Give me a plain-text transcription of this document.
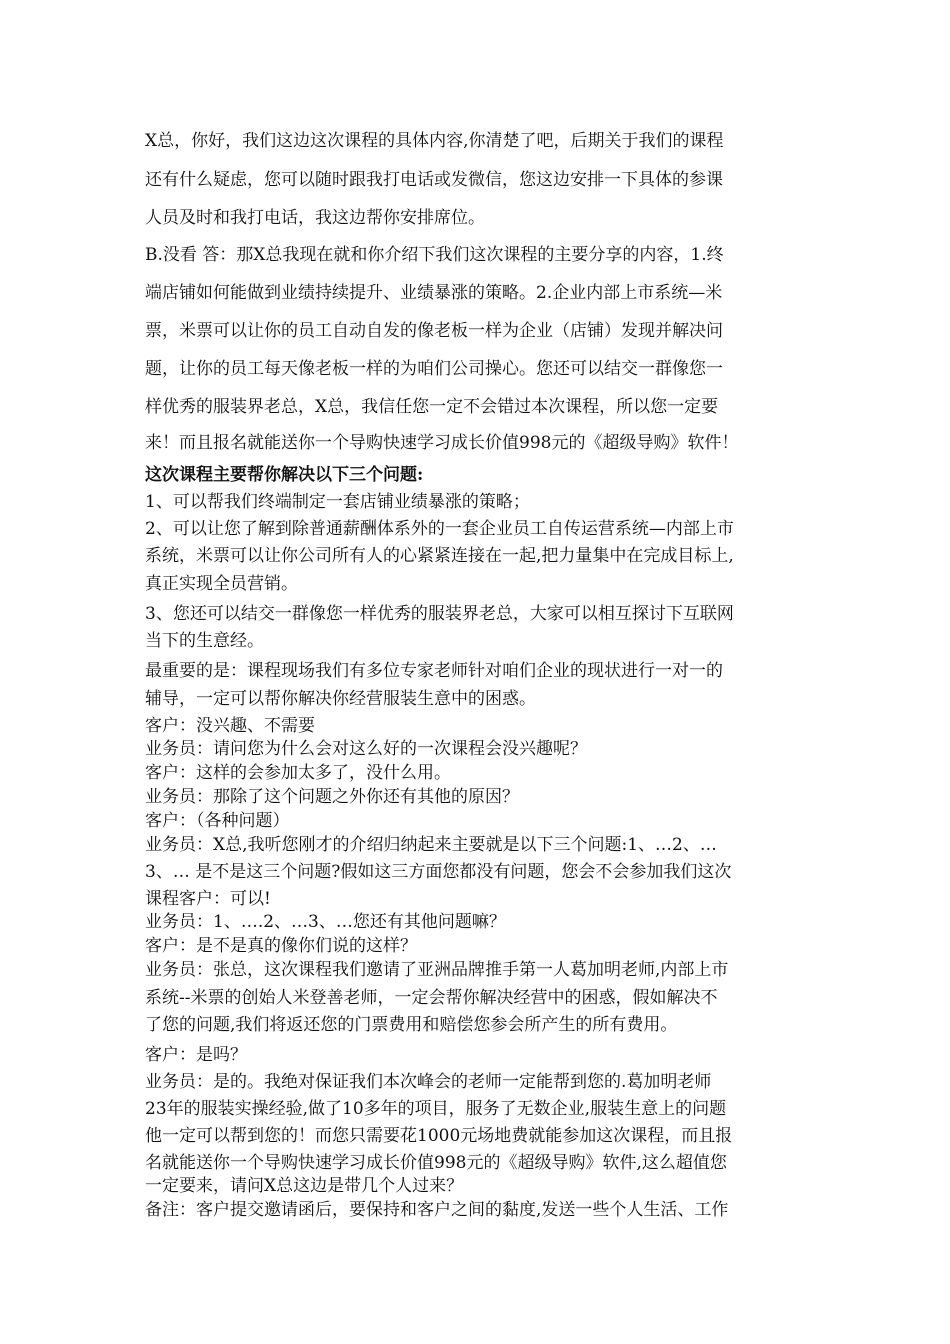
X总，你好，我们这边这次课程的具体内容,你清楚了吧，后期关于我们的课程
还有什么疑虑，您可以随时跟我打电话或发微信，您这边安排一下具体的参课
人员及时和我打电话，我这边帮你安排席位。
B.没看 答：那X总我现在就和你介绍下我们这次课程的主要分享的内容，1.终
端店铺如何能做到业绩持续提升、业绩暴涨的策略。2.企业内部上市系统—米
票，米票可以让你的员工自动自发的像老板一样为企业（店铺）发现并解决问
题，让你的员工每天像老板一样的为咱们公司操心。您还可以结交一群像您一
样优秀的服装界老总，X总，我信任您一定不会错过本次课程，所以您一定要
来！而且报名就能送你一个导购快速学习成长价值998元的《超级导购》软件！
这次课程主要帮你解决以下三个问题:
1、可以帮我们终端制定一套店铺业绩暴涨的策略；
2、可以让您了解到除普通薪酬体系外的一套企业员工自传运营系统—内部上市
系统，米票可以让你公司所有人的心紧紧连接在一起,把力量集中在完成目标上,
真正实现全员营销。
3、您还可以结交一群像您一样优秀的服装界老总，大家可以相互探讨下互联网
当下的生意经。
最重要的是：课程现场我们有多位专家老师针对咱们企业的现状进行一对一的
辅导，一定可以帮你解决你经营服装生意中的困惑。
客户：没兴趣、不需要
业务员：请问您为什么会对这么好的一次课程会没兴趣呢？
客户：这样的会参加太多了，没什么用。
业务员：那除了这个问题之外你还有其他的原因？
客户：（各种问题）
业务员：X总,我听您刚才的介绍归纳起来主要就是以下三个问题:1、…2、…
3、… 是不是这三个问题?假如这三方面您都没有问题，您会不会参加我们这次
课程客户：可以!
业务员：1、….2、…3、…您还有其他问题嘛？
客户：是不是真的像你们说的这样？
业务员：张总，这次课程我们邀请了亚洲品牌推手第一人葛加明老师,内部上市
系统--米票的创始人米登善老师，一定会帮你解决经营中的困惑，假如解决不
了您的问题,我们将返还您的门票费用和赔偿您参会所产生的所有费用。
客户：是吗？
业务员：是的。我绝对保证我们本次峰会的老师一定能帮到您的.葛加明老师
23年的服装实操经验,做了10多年的项目，服务了无数企业,服装生意上的问题
他一定可以帮到您的！而您只需要花1000元场地费就能参加这次课程，而且报
名就能送你一个导购快速学习成长价值998元的《超级导购》软件,这么超值您
一定要来，请问X总这边是带几个人过来？
备注：客户提交邀请函后，要保持和客户之间的黏度,发送一些个人生活、工作
